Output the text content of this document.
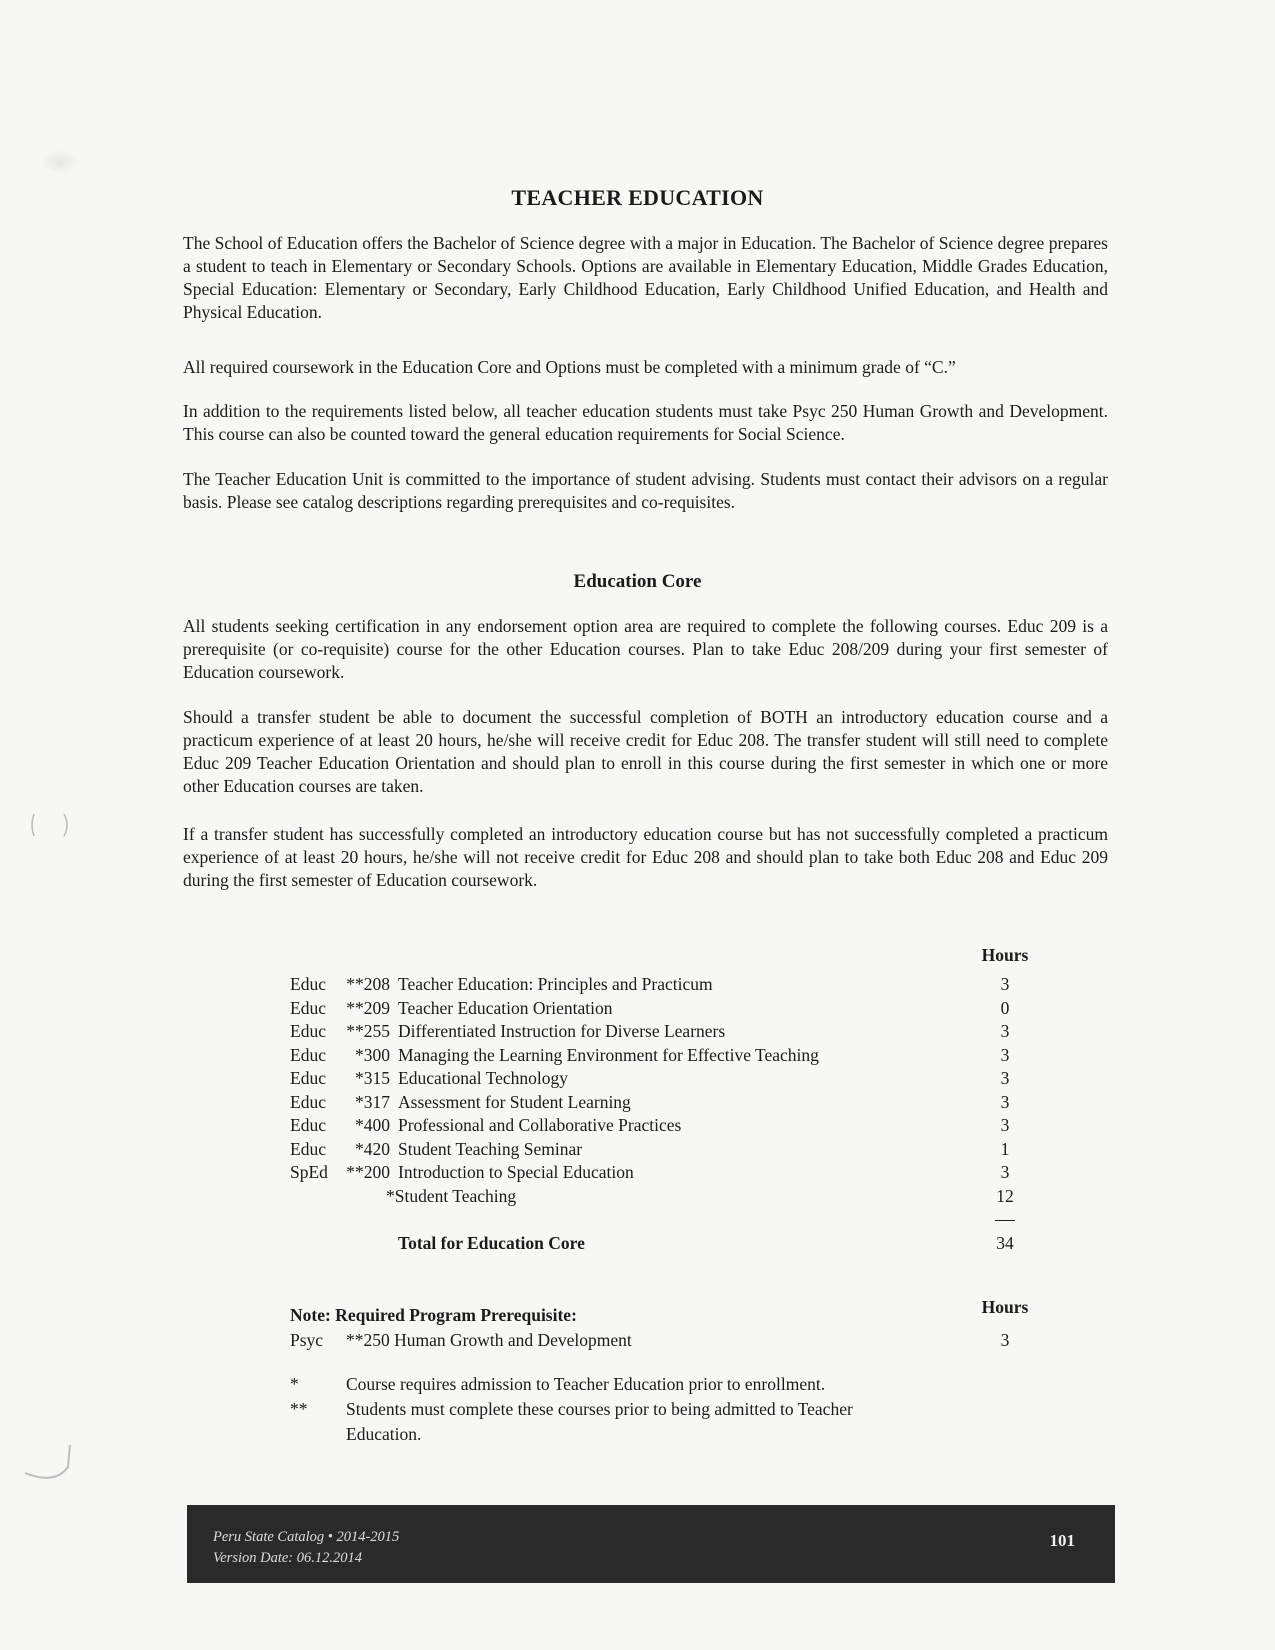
TEACHER EDUCATION
The School of Education offers the Bachelor of Science degree with a major in Education. The Bachelor of Science degree prepares a student to teach in Elementary or Secondary Schools. Options are available in Elementary Education, Middle Grades Education, Special Education: Elementary or Secondary, Early Childhood Education, Early Childhood Unified Education, and Health and Physical Education.
All required coursework in the Education Core and Options must be completed with a minimum grade of “C.”
In addition to the requirements listed below, all teacher education students must take Psyc 250 Human Growth and Development. This course can also be counted toward the general education requirements for Social Science.
The Teacher Education Unit is committed to the importance of student advising. Students must contact their advisors on a regular basis. Please see catalog descriptions regarding prerequisites and co-requisites.
Education Core
All students seeking certification in any endorsement option area are required to complete the following courses. Educ 209 is a prerequisite (or co-requisite) course for the other Education courses. Plan to take Educ 208/209 during your first semester of Education coursework.
Should a transfer student be able to document the successful completion of BOTH an introductory education course and a practicum experience of at least 20 hours, he/she will receive credit for Educ 208. The transfer student will still need to complete Educ 209 Teacher Education Orientation and should plan to enroll in this course during the first semester in which one or more other Education courses are taken.
If a transfer student has successfully completed an introductory education course but has not successfully completed a practicum experience of at least 20 hours, he/she will not receive credit for Educ 208 and should plan to take both Educ 208 and Educ 209 during the first semester of Education coursework.
Hours
Educ	**208 Teacher Education: Principles and Practicum	3
Educ	**209 Teacher Education Orientation	0
Educ	**255 Differentiated Instruction for Diverse Learners	3
Educ	*300 Managing the Learning Environment for Effective Teaching	3
Educ	*315 Educational Technology	3
Educ	*317 Assessment for Student Learning	3
Educ	*400 Professional and Collaborative Practices	3
Educ	*420 Student Teaching Seminar	1
SpEd	**200 Introduction to Special Education	3
*Student Teaching	12
Total for Education Core	34
Note: Required Program Prerequisite:	Hours
Psyc **250 Human Growth and Development	3
*	Course requires admission to Teacher Education prior to enrollment.
**	Students must complete these courses prior to being admitted to Teacher Education.
Peru State Catalog • 2014-2015
Version Date: 06.12.2014
101
